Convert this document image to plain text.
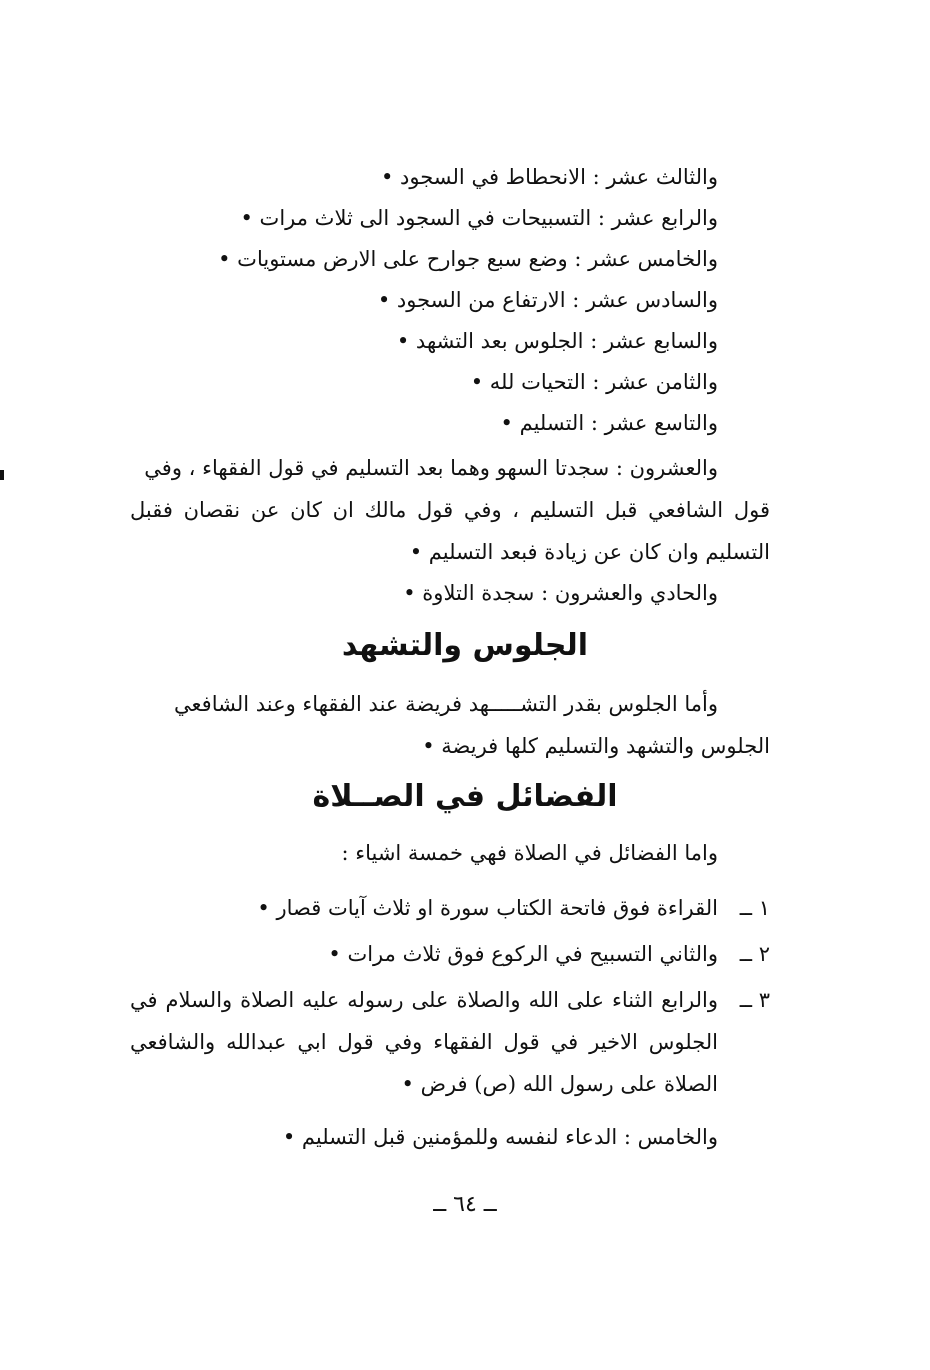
والثالث عشر : الانحطاط في السجود •
والرابع عشر : التسبيحات في السجود الى ثلاث مرات •
والخامس عشر : وضع سبع جوارح على الارض مستويات •
والسادس عشر : الارتفاع من السجود •
والسابع عشر : الجلوس بعد التشهد •
والثامن عشر : التحيات لله •
والتاسع عشر : التسليم •
والعشرون : سجدتا السهو وهما بعد التسليم في قول الفقهاء ، وفي
قول الشافعي قبل التسليم ، وفي قول مالك ان كان عن نقصان فقبل التسليم وان كان عن زيادة فبعد التسليم •
والحادي والعشرون : سجدة التلاوة •
الجلوس والتشهد
وأما الجلوس بقدر التشـــــهد فريضة عند الفقهاء وعند الشافعي
الجلوس والتشهد والتسليم كلها فريضة •
الفضائل في الصــلاة
واما الفضائل في الصلاة فهي خمسة اشياء :
١ ــ
القراءة فوق فاتحة الكتاب سورة او ثلاث آيات قصار •
٢ ــ
والثاني التسبيح في الركوع فوق ثلاث مرات •
٣ ــ
والرابع الثناء على الله والصلاة على رسوله عليه الصلاة والسلام في الجلوس الاخير في قول الفقهاء وفي قول ابي عبدالله والشافعي الصلاة على رسول الله (ص) فرض •
والخامس : الدعاء لنفسه وللمؤمنين قبل التسليم •
ــ ٦٤ ــ
